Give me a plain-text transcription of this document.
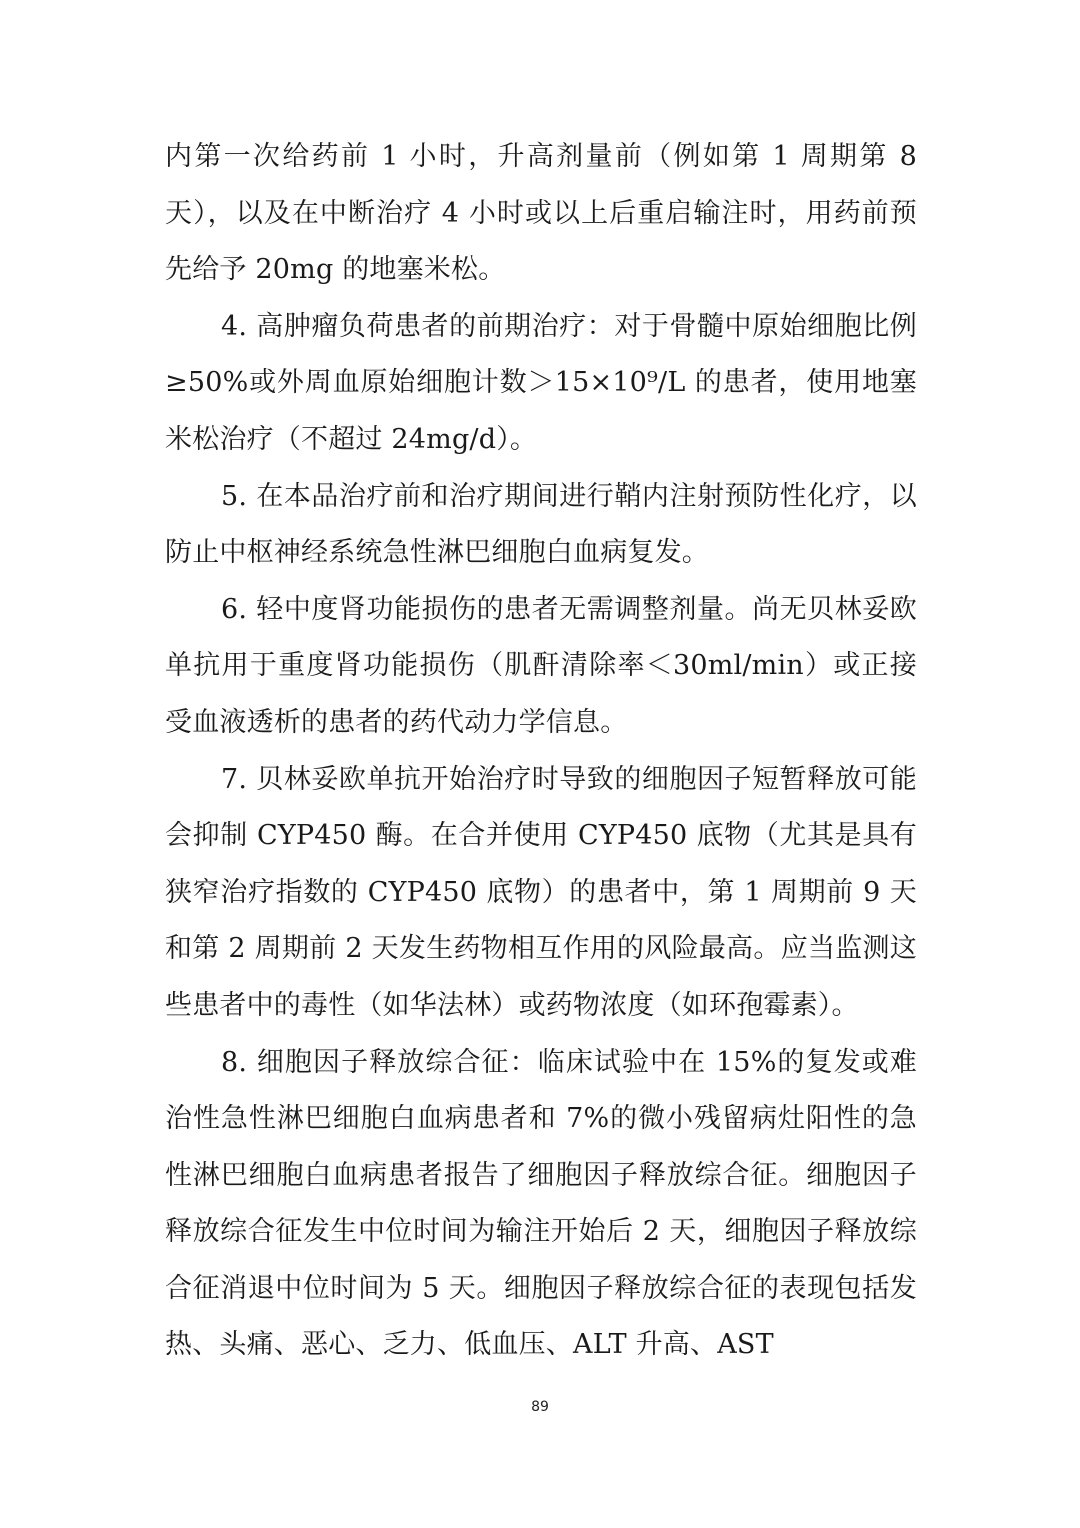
内第一次给药前 1 小时，升高剂量前（例如第 1 周期第 8 天），以及在中断治疗 4 小时或以上后重启输注时，用药前预先给予 20mg 的地塞米松。

4. 高肿瘤负荷患者的前期治疗：对于骨髓中原始细胞比例≥50%或外周血原始细胞计数＞15×10⁹/L 的患者，使用地塞米松治疗（不超过 24mg/d）。

5. 在本品治疗前和治疗期间进行鞘内注射预防性化疗，以防止中枢神经系统急性淋巴细胞白血病复发。

6. 轻中度肾功能损伤的患者无需调整剂量。尚无贝林妥欧单抗用于重度肾功能损伤（肌酐清除率＜30ml/min）或正接受血液透析的患者的药代动力学信息。

7. 贝林妥欧单抗开始治疗时导致的细胞因子短暂释放可能会抑制 CYP450 酶。在合并使用 CYP450 底物（尤其是具有狭窄治疗指数的 CYP450 底物）的患者中，第 1 周期前 9 天和第 2 周期前 2 天发生药物相互作用的风险最高。应当监测这些患者中的毒性（如华法林）或药物浓度（如环孢霉素）。

8. 细胞因子释放综合征：临床试验中在 15%的复发或难治性急性淋巴细胞白血病患者和 7%的微小残留病灶阳性的急性淋巴细胞白血病患者报告了细胞因子释放综合征。细胞因子释放综合征发生中位时间为输注开始后 2 天，细胞因子释放综合征消退中位时间为 5 天。细胞因子释放综合征的表现包括发热、头痛、恶心、乏力、低血压、ALT 升高、AST

89
